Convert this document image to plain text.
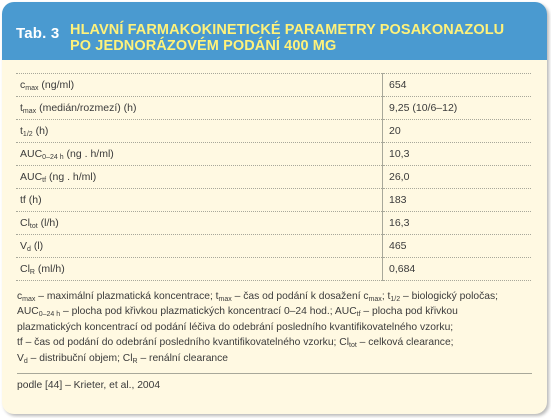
Tab. 3 HLAVNÍ FARMAKOKINETICKÉ PARAMETRY POSAKONAZOLU PO JEDNORÁZOVÉM PODÁNÍ 400 MG
$c_{max}$ (ng/ml)	654
$t_{max}$ (medián/rozmezí) (h)	9,25 (10/6–12)
$t_{1/2}$ (h)	20
$AUC_{0-24 h}$ (ng . h/ml)	10,3
$AUC_{tf}$ (ng . h/ml)	26,0
tf (h)	183
$Cl_{tot}$ (l/h)	16,3
$V_d$ (l)	465
$Cl_R$ (ml/h)	0,684
$c_{max}$ – maximální plazmatická koncentrace; $t_{max}$ – čas od podání k dosažení $c_{max}$; $t_{1/2}$ – biologický poločas;
$AUC_{0-24 h}$ – plocha pod křivkou plazmatických koncentrací 0–24 hod.; $AUC_{tf}$ – plocha pod křivkou
plazmatických koncentrací od podání léčiva do odebrání posledního kvantifikovatelného vzorku;
tf – čas od podání do odebrání posledního kvantifikovatelného vzorku; $Cl_{tot}$ – celková clearance;
$V_d$ – distribuční objem; $Cl_R$ – renální clearance
podle [44] – Krieter, et al., 2004
